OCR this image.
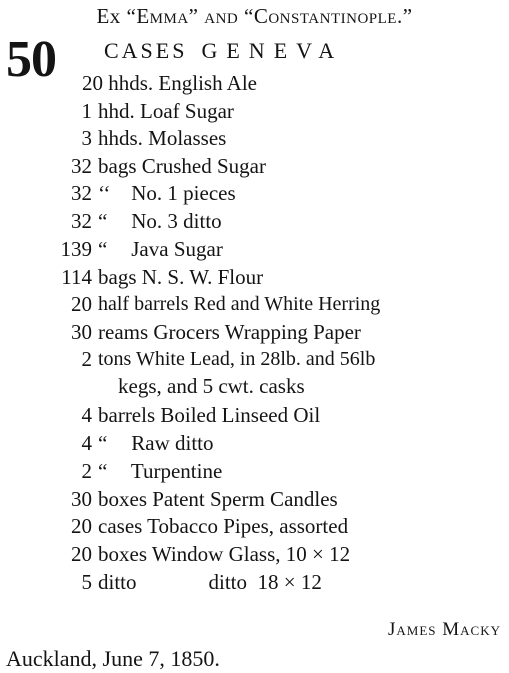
Ex “Emma” and “Constantinople.”
50 CASES GENEVA
20 hhds. English Ale
1 hhd. Loaf Sugar
3 hhds. Molasses
32 bags Crushed Sugar
32 ‘‘ No. 1 pieces
32 “ No. 3 ditto
139 “ Java Sugar
114 bags N. S. W. Flour
20 half barrels Red and White Herring
30 reams Grocers Wrapping Paper
2 tons White Lead, in 28lb. and 56lb
kegs, and 5 cwt. casks
4 barrels Boiled Linseed Oil
4 “ Raw ditto
2 “ Turpentine
30 boxes Patent Sperm Candles
20 cases Tobacco Pipes, assorted
20 boxes Window Glass, 10 × 12
5 ditto	ditto  18 × 12
James Macky
Auckland, June 7, 1850.
